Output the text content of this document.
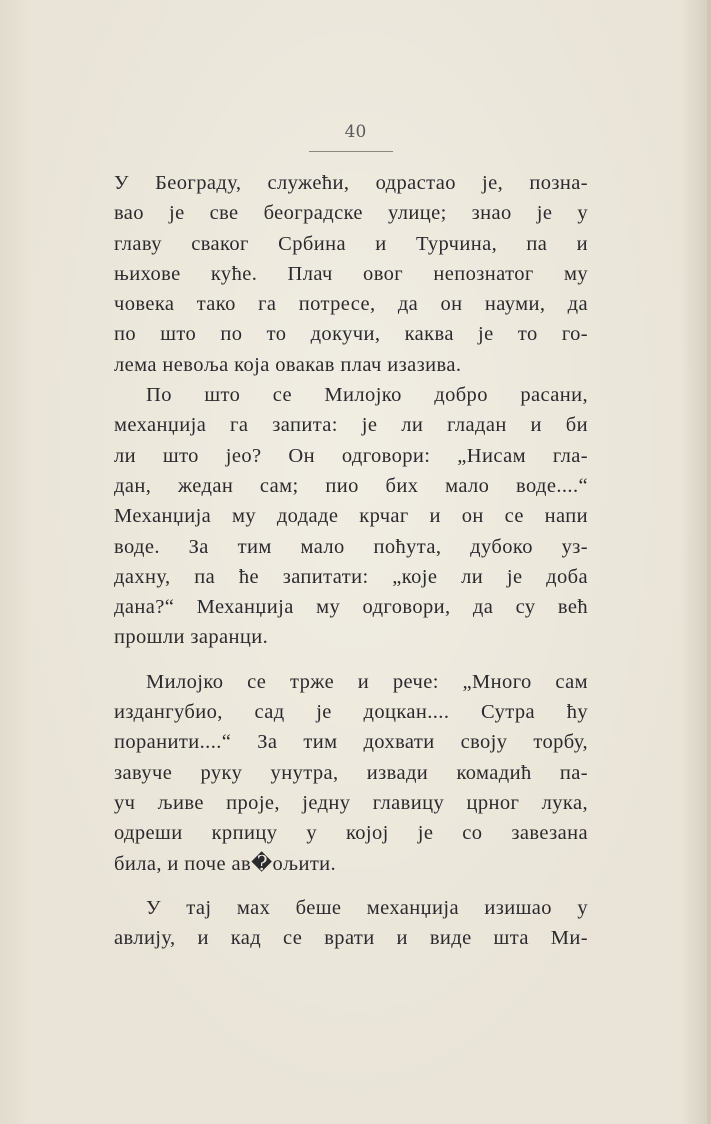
40
У Београду, служећи, одрастао је, позна-
вао је све београдске улице; знао је у
главу сваког Србина и Турчина, па и
њихове куће. Плач овог непознатог му
човека тако га потресе, да он науми, да
по што по то докучи, каква је то го-
лема невоља која овакав плач изазива.
По што се Милојко добро расани,
механџија га запита: је ли гладан и би
ли што јео? Он одговори: „Нисам гла-
дан, жедан сам; пио бих мало воде....“
Механџија му додаде крчаг и он се напи
воде. За тим мало поћута, дубоко уз-
дахну, па ће запитати: „које ли је доба
дана?“ Механџија му одговори, да су већ
прошли заранци.
Милојко се трже и рече: „Много сам
издангубио, сад је доцкан.... Сутра ћу
поранити....“ За тим дохвати своју торбу,
завуче руку унутра, извади комадић па-
уч љиве проје, једну главицу црног лука,
одреши крпицу у којој је со завезана
била, и поче ав�ољити.
У тај мах беше механџија изишао у
авлију, и кад се врати и виде шта Ми-
